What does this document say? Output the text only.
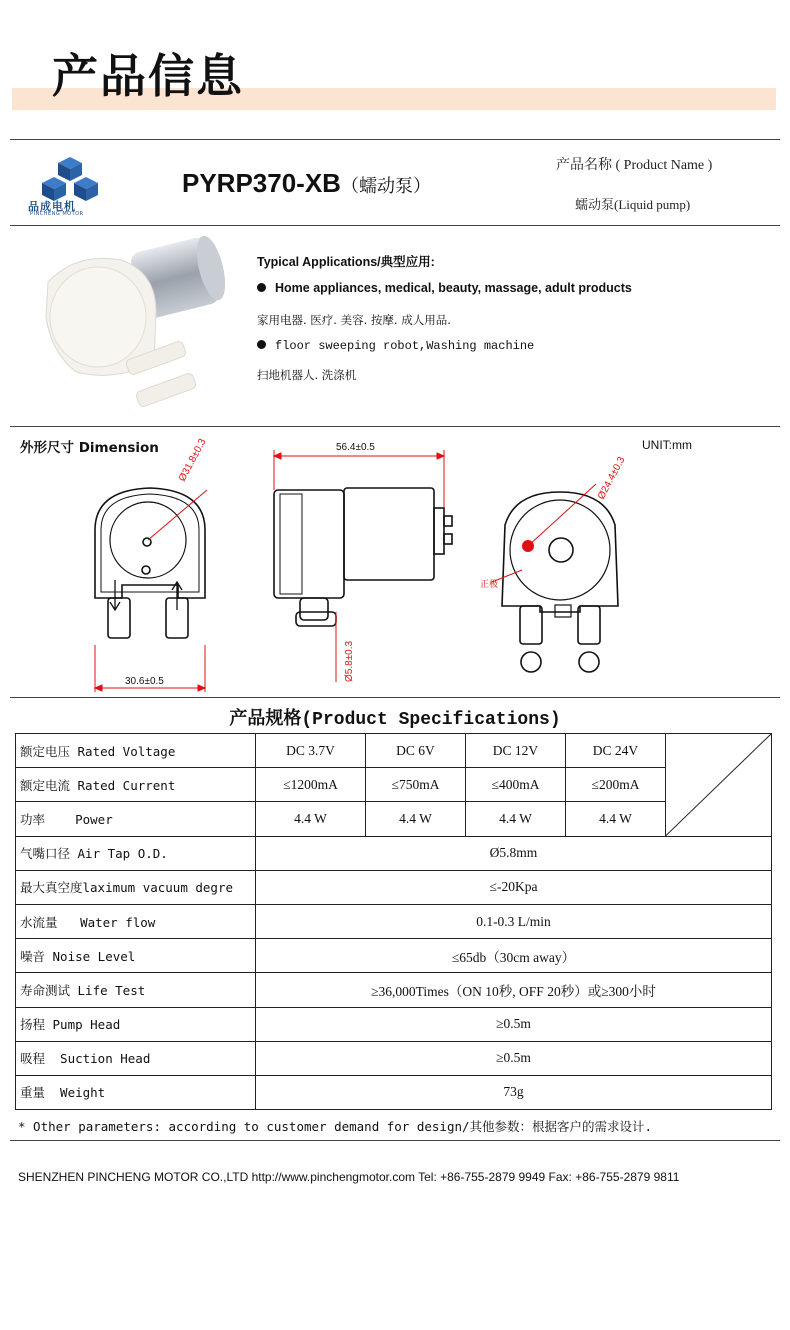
产品信息
品成电机
PINCHENG MOTOR
PYRP370-XB（蠕动泵）
产品名称 ( Product Name )
蠕动泵(Liquid pump)
Typical Applications/典型应用:
Home appliances, medical, beauty, massage, adult products
家用电器. 医疗. 美容. 按摩. 成人用品.
floor sweeping robot,Washing machine
扫地机器人. 洗涤机
外形尺寸 Dimension	UNIT:mm
Ø31.8±0.3
30.6±0.5
56.4±0.5
Ø5.8±0.3
Ø24.4±0.3
正极
产品规格(Product Specifications)
额定电压 Rated Voltage	DC 3.7V	DC 6V	DC 12V	DC 24V	

额定电流 Rated Current	≤1200mA	≤750mA	≤400mA	≤200mA	
功率    Power	4.4 W	4.4 W	4.4 W	4.4 W	
气嘴口径 Air Tap O.D.	Ø5.8mm				
最大真空度laximum vacuum degre	≤-20Kpa				
水流量   Water flow	0.1-0.3 L/min				
噪音 Noise Level	≤65db（30cm away）				
寿命测试 Life Test	≥36,000Times（ON 10秒, OFF 20秒）或≥300小时				
扬程 Pump Head	≥0.5m				
吸程  Suction Head	≥0.5m				
重量  Weight	73g				
* Other parameters: according to customer demand for design/其他参数：根据客户的需求设计.
SHENZHEN PINCHENG MOTOR CO.,LTD http://www.pinchengmotor.com Tel: +86-755-2879 9949 Fax: +86-755-2879 9811
